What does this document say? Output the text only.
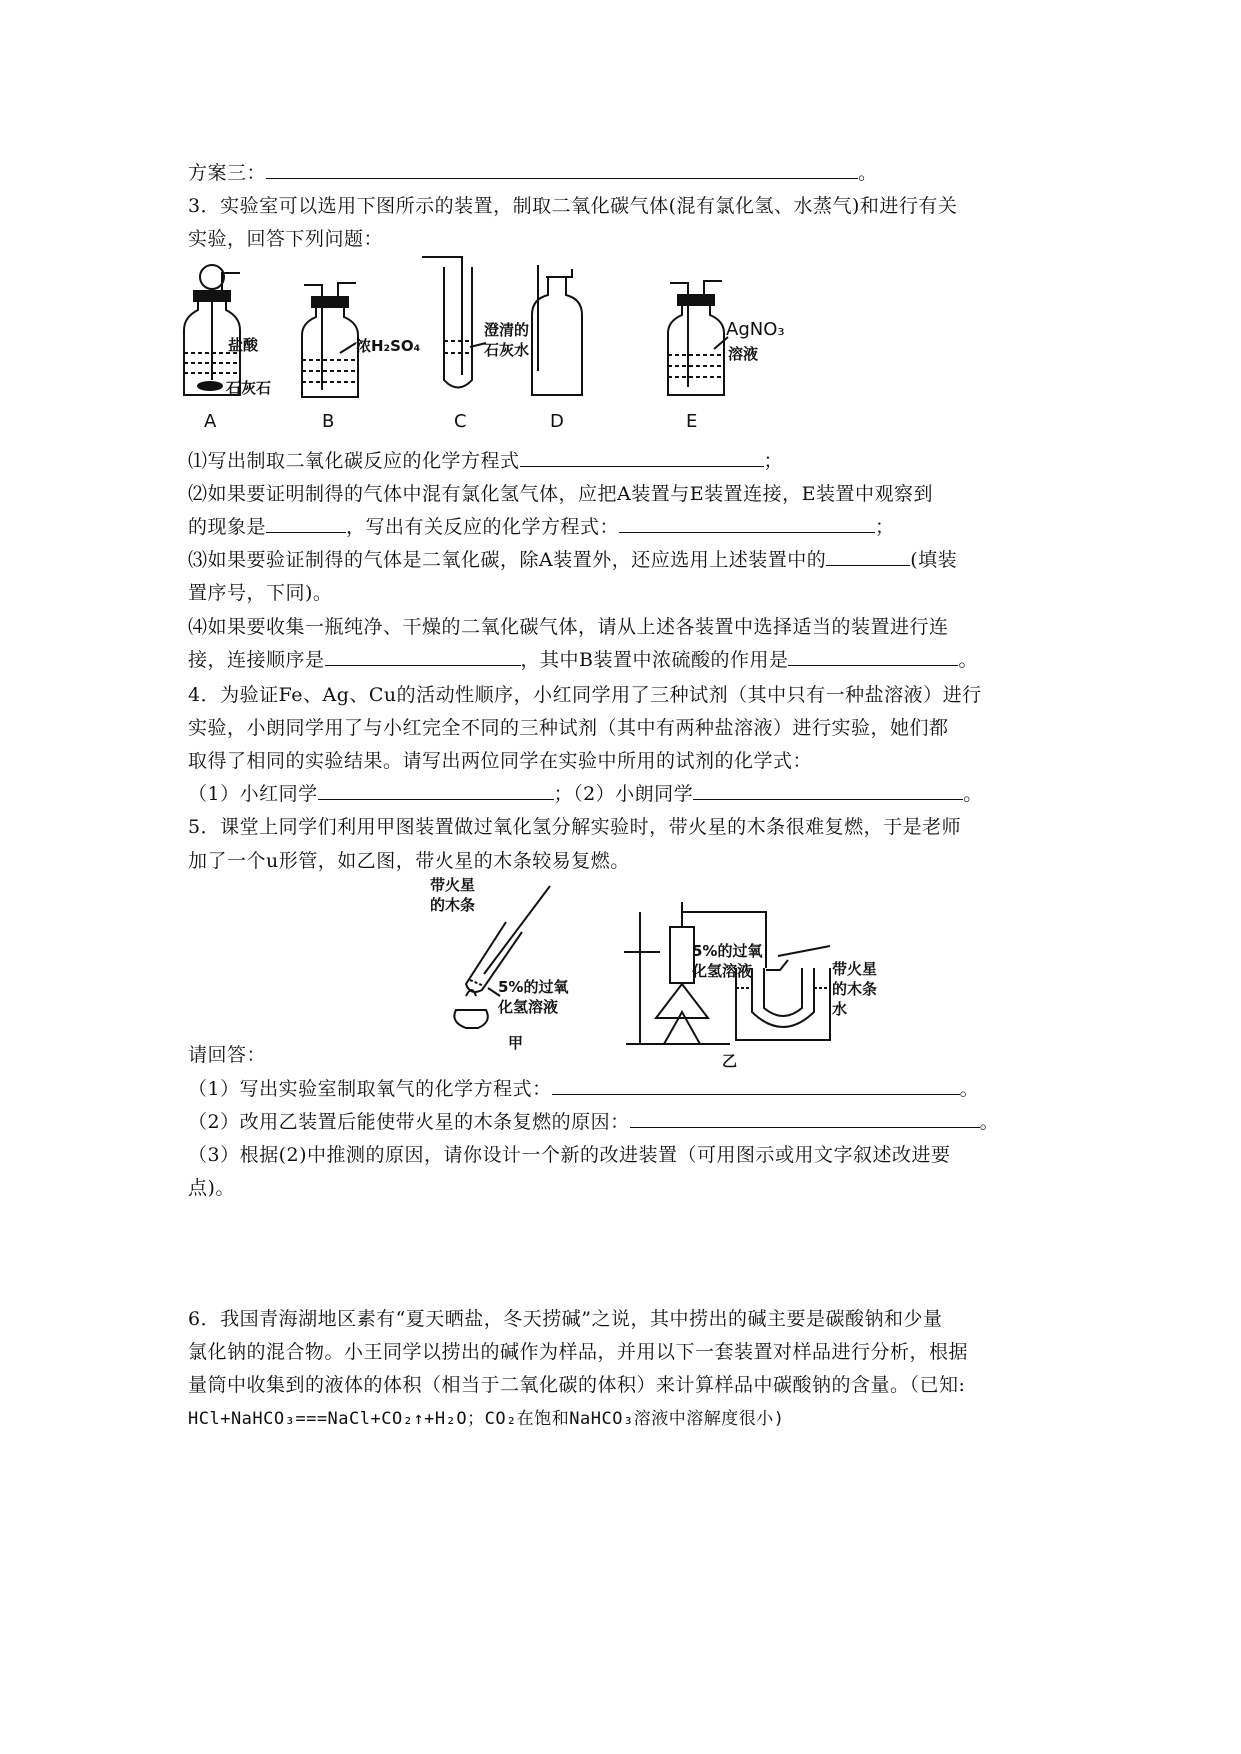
方案三：	。
3．实验室可以选用下图所示的装置，制取二氧化碳气体(混有氯化氢、水蒸气)和进行有关
实验，回答下列问题：
盐酸
石灰石
A
浓H₂SO₄
B
澄清的
石灰水
C	D
AgNO₃
溶液
E
⑴写出制取二氧化碳反应的化学方程式	；
⑵如果要证明制得的气体中混有氯化氢气体，应把A装置与E装置连接，E装置中观察到
的现象是	，写出有关反应的化学方程式：	；
⑶如果要验证制得的气体是二氧化碳，除A装置外，还应选用上述装置中的	(填装
置序号，下同)。
⑷如果要收集一瓶纯净、干燥的二氧化碳气体，请从上述各装置中选择适当的装置进行连
接，连接顺序是	，其中B装置中浓硫酸的作用是	。
4．为验证Fe、Ag、Cu的活动性顺序，小红同学用了三种试剂（其中只有一种盐溶液）进行
实验，小朗同学用了与小红完全不同的三种试剂（其中有两种盐溶液）进行实验，她们都
取得了相同的实验结果。请写出两位同学在实验中所用的试剂的化学式：
（1）小红同学	；（2）小朗同学	。
5．课堂上同学们利用甲图装置做过氧化氢分解实验时，带火星的木条很难复燃，于是老师
加了一个u形管，如乙图，带火星的木条较易复燃。
带火星
的木条
5%的过氧
化氢溶液
甲
5%的过氧
化氢溶液	带火星
的木条
水
乙
请回答：
（1）写出实验室制取氧气的化学方程式：	。
（2）改用乙装置后能使带火星的木条复燃的原因：	。
（3）根据(2)中推测的原因，请你设计一个新的改进装置（可用图示或用文字叙述改进要
点)。
6．我国青海湖地区素有“夏天晒盐，冬天捞碱”之说，其中捞出的碱主要是碳酸钠和少量
氯化钠的混合物。小王同学以捞出的碱作为样品，并用以下一套装置对样品进行分析，根据
量筒中收集到的液体的体积（相当于二氧化碳的体积）来计算样品中碳酸钠的含量。（已知:
HCl+NaHCO₃===NaCl+CO₂↑+H₂O；CO₂在饱和NaHCO₃溶液中溶解度很小)
